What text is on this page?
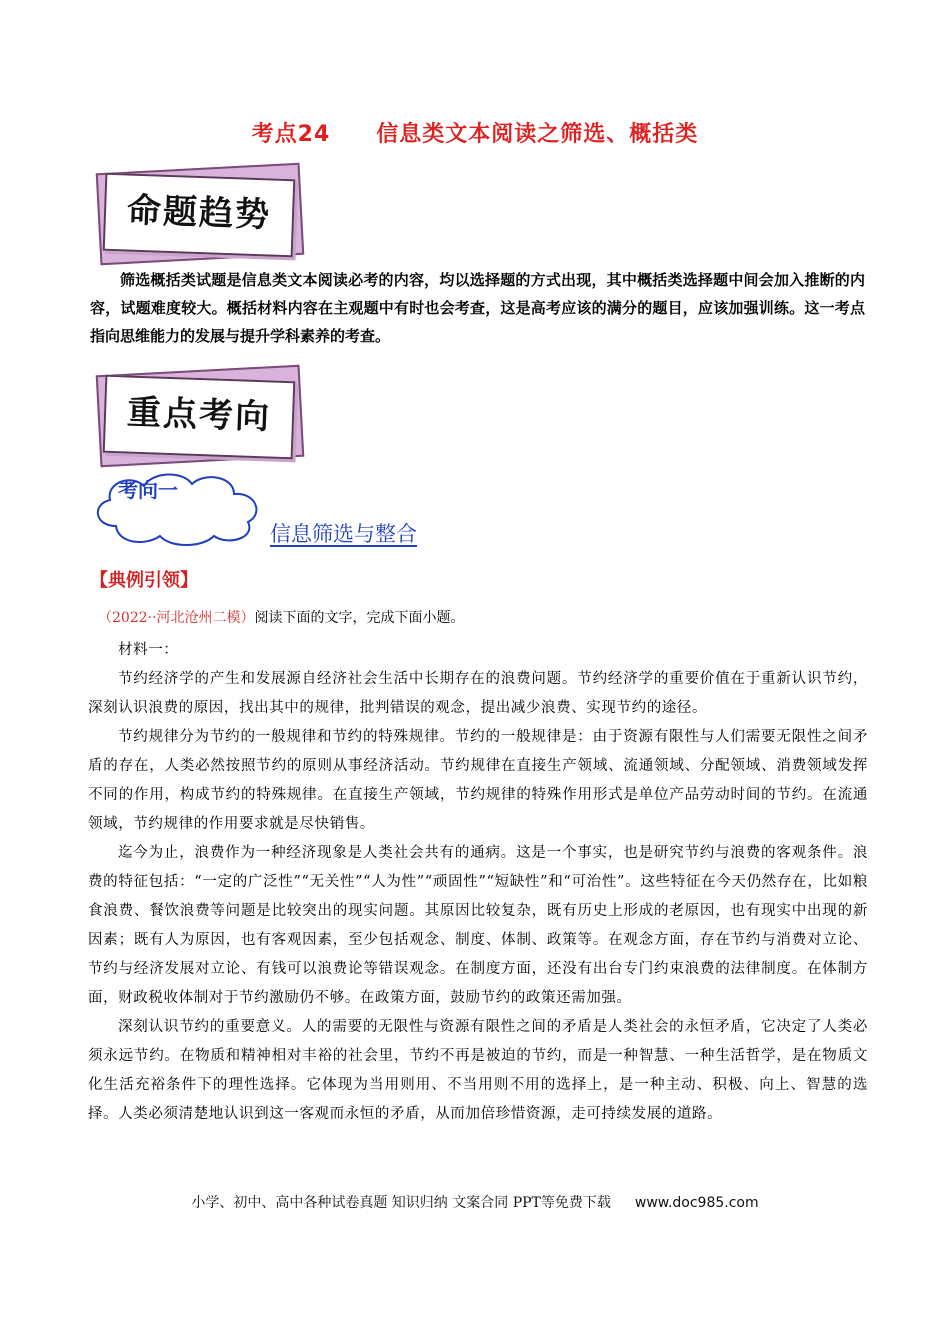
考点24 信息类文本阅读之筛选、概括类
命题趋势
筛选概括类试题是信息类文本阅读必考的内容，均以选择题的方式出现，其中概括类选择题中间会加入推断的内容，试题难度较大。概括材料内容在主观题中有时也会考查，这是高考应该的满分的题目，应该加强训练。这一考点指向思维能力的发展与提升学科素养的考查。
重点考向
考向一
信息筛选与整合
【典例引领】
（2022··河北沧州二模）阅读下面的文字，完成下面小题。

材料一：

节约经济学的产生和发展源自经济社会生活中长期存在的浪费问题。节约经济学的重要价值在于重新认识节约，深刻认识浪费的原因，找出其中的规律，批判错误的观念，提出减少浪费、实现节约的途径。

节约规律分为节约的一般规律和节约的特殊规律。节约的一般规律是：由于资源有限性与人们需要无限性之间矛盾的存在，人类必然按照节约的原则从事经济活动。节约规律在直接生产领域、流通领域、分配领域、消费领域发挥不同的作用，构成节约的特殊规律。在直接生产领域，节约规律的特殊作用形式是单位产品劳动时间的节约。在流通领域，节约规律的作用要求就是尽快销售。

迄今为止，浪费作为一种经济现象是人类社会共有的通病。这是一个事实，也是研究节约与浪费的客观条件。浪费的特征包括：“一定的广泛性”“无关性”“人为性”“顽固性”“短缺性”和“可治性”。这些特征在今天仍然存在，比如粮食浪费、餐饮浪费等问题是比较突出的现实问题。其原因比较复杂，既有历史上形成的老原因，也有现实中出现的新因素；既有人为原因，也有客观因素，至少包括观念、制度、体制、政策等。在观念方面，存在节约与消费对立论、节约与经济发展对立论、有钱可以浪费论等错误观念。在制度方面，还没有出台专门约束浪费的法律制度。在体制方面，财政税收体制对于节约激励仍不够。在政策方面，鼓励节约的政策还需加强。

深刻认识节约的重要意义。人的需要的无限性与资源有限性之间的矛盾是人类社会的永恒矛盾，它决定了人类必须永远节约。在物质和精神相对丰裕的社会里，节约不再是被迫的节约，而是一种智慧、一种生活哲学，是在物质文化生活充裕条件下的理性选择。它体现为当用则用、不当用则不用的选择上，是一种主动、积极、向上、智慧的选择。人类必须清楚地认识到这一客观而永恒的矛盾，从而加倍珍惜资源，走可持续发展的道路。

小学、初中、高中各种试卷真题 知识归纳 文案合同 PPT等免费下载 www.doc985.com
